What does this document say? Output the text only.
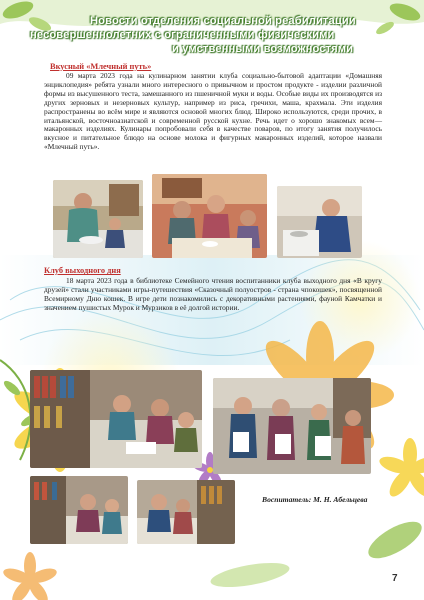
Новости отделения социальной реабилитации
несовершеннолетних с ограниченными физическими
и умственными возможностями
Вкусный «Млечный путь»
09 марта 2023 года на кулинарном занятии клуба социально-бытовой адаптации «Домашняя энциклопедия» ребята узнали много интересного о привычном и простом продукте - изделии различной формы из высушенного теста, замешанного из пшеничной муки и воды. Особые виды их производятся из других зерновых и незерновых культур, например из риса, гречихи, маша, крахмала. Эти изделия распространены во всём мире и являются основой многих блюд. Широко используются, среди прочих, в итальянской, восточноазиатской и современной русской кухне. Речь идет о хорошо знакомых всем—макаронных изделиях. Кулинары попробовали себя в качестве поваров, по итогу занятия получилось вкусное и питательное блюдо на основе молока и фигурных макаронных изделий, которое назвали «Млечный путь».
Клуб выходного дня
18 марта 2023 года в библиотеке Семейного чтения воспитанники клуба выходного дня «В кругу друзей» стали участниками игры-путешествия «Сказочный полуостров - страна чпокошек», посвященной Всемирному Дню кошек. В игре дети познакомились с декоративными растениями, фауной Камчатки и значением пушистых Мурок и Мурзиков в её долгой истории.
Воспитатель: М. Н. Абельцева
7
